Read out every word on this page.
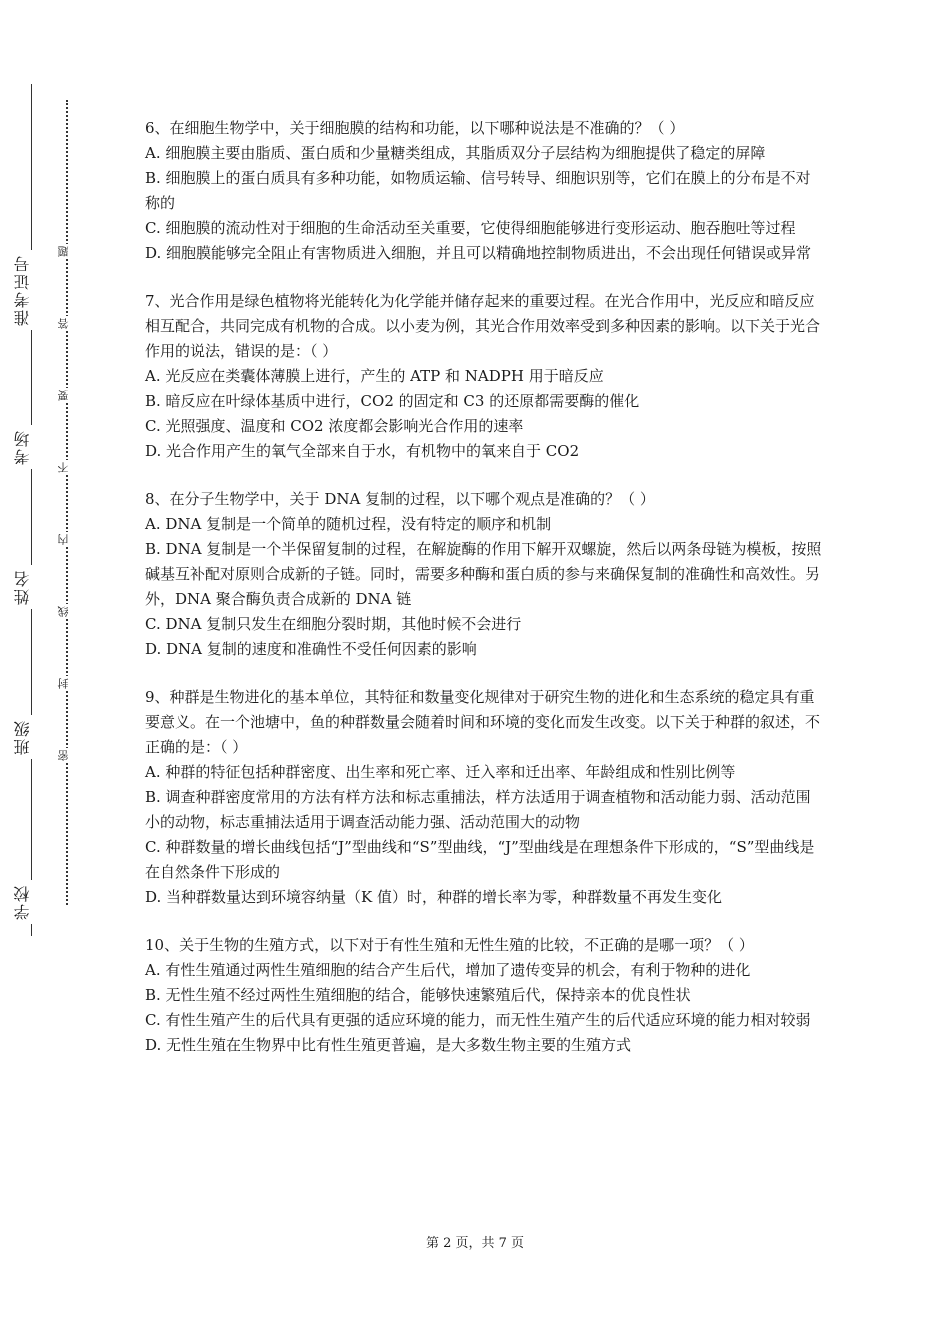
准考证号
考场
姓名
班级
学校
题
答
要
不
内
线
封
密

6、在细胞生物学中，关于细胞膜的结构和功能，以下哪种说法是不准确的？（ ）

A. 细胞膜主要由脂质、蛋白质和少量糖类组成，其脂质双分子层结构为细胞提供了稳定的屏障

B. 细胞膜上的蛋白质具有多种功能，如物质运输、信号转导、细胞识别等，它们在膜上的分布是不对称的

C. 细胞膜的流动性对于细胞的生命活动至关重要，它使得细胞能够进行变形运动、胞吞胞吐等过程

D. 细胞膜能够完全阻止有害物质进入细胞，并且可以精确地控制物质进出，不会出现任何错误或异常

7、光合作用是绿色植物将光能转化为化学能并储存起来的重要过程。在光合作用中，光反应和暗反应相互配合，共同完成有机物的合成。以小麦为例，其光合作用效率受到多种因素的影响。以下关于光合作用的说法，错误的是：（ ）

A. 光反应在类囊体薄膜上进行，产生的 ATP 和 NADPH 用于暗反应

B. 暗反应在叶绿体基质中进行，CO2 的固定和 C3 的还原都需要酶的催化

C. 光照强度、温度和 CO2 浓度都会影响光合作用的速率

D. 光合作用产生的氧气全部来自于水，有机物中的氧来自于 CO2

8、在分子生物学中，关于 DNA 复制的过程，以下哪个观点是准确的？（ ）

A. DNA 复制是一个简单的随机过程，没有特定的顺序和机制

B. DNA 复制是一个半保留复制的过程，在解旋酶的作用下解开双螺旋，然后以两条母链为模板，按照碱基互补配对原则合成新的子链。同时，需要多种酶和蛋白质的参与来确保复制的准确性和高效性。另外，DNA 聚合酶负责合成新的 DNA 链

C. DNA 复制只发生在细胞分裂时期，其他时候不会进行

D. DNA 复制的速度和准确性不受任何因素的影响

9、种群是生物进化的基本单位，其特征和数量变化规律对于研究生物的进化和生态系统的稳定具有重要意义。在一个池塘中，鱼的种群数量会随着时间和环境的变化而发生改变。以下关于种群的叙述，不正确的是：（ ）

A. 种群的特征包括种群密度、出生率和死亡率、迁入率和迁出率、年龄组成和性别比例等

B. 调查种群密度常用的方法有样方法和标志重捕法，样方法适用于调查植物和活动能力弱、活动范围小的动物，标志重捕法适用于调查活动能力强、活动范围大的动物

C. 种群数量的增长曲线包括“J”型曲线和“S”型曲线，“J”型曲线是在理想条件下形成的，“S”型曲线是在自然条件下形成的

D. 当种群数量达到环境容纳量（K 值）时，种群的增长率为零，种群数量不再发生变化

10、关于生物的生殖方式，以下对于有性生殖和无性生殖的比较，不正确的是哪一项？（ ）

A. 有性生殖通过两性生殖细胞的结合产生后代，增加了遗传变异的机会，有利于物种的进化

B. 无性生殖不经过两性生殖细胞的结合，能够快速繁殖后代，保持亲本的优良性状

C. 有性生殖产生的后代具有更强的适应环境的能力，而无性生殖产生的后代适应环境的能力相对较弱

D. 无性生殖在生物界中比有性生殖更普遍，是大多数生物主要的生殖方式

第 2 页，共 7 页
